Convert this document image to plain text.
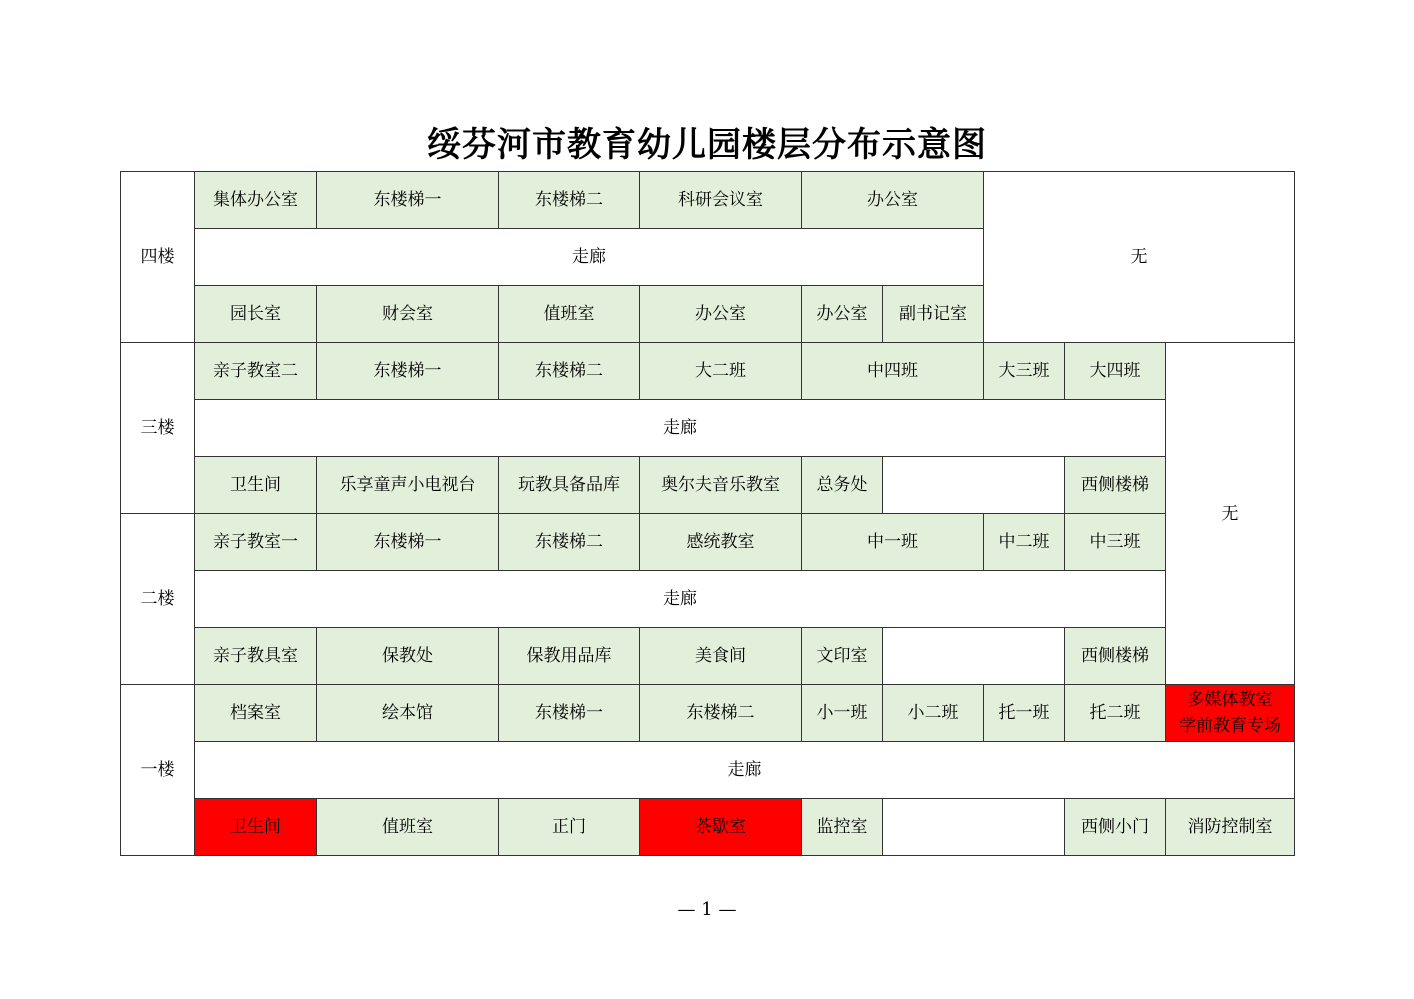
绥芬河市教育幼儿园楼层分布示意图
四楼	集体办公室	东楼梯一	东楼梯二	科研会议室	办公室		无		
	走廊								
	园长室	财会室	值班室	办公室	办公室	副书记室			
三楼	亲子教室二	东楼梯一	东楼梯二	大二班	中四班		大三班	大四班	无
	走廊								
	卫生间	乐享童声小电视台	玩教具备品库	奥尔夫音乐教室	总务处			西侧楼梯	
二楼	亲子教室一	东楼梯一	东楼梯二	感统教室	中一班		中二班	中三班	
	走廊								
	亲子教具室	保教处	保教用品库	美食间	文印室			西侧楼梯	
一楼	档案室	绘本馆	东楼梯一	东楼梯二	小一班	小二班	托一班	托二班	多媒体教室
学前教育专场

	走廊								
	卫生间	值班室	正门	茶歇室	监控室			西侧小门	消防控制室
— 1 —
